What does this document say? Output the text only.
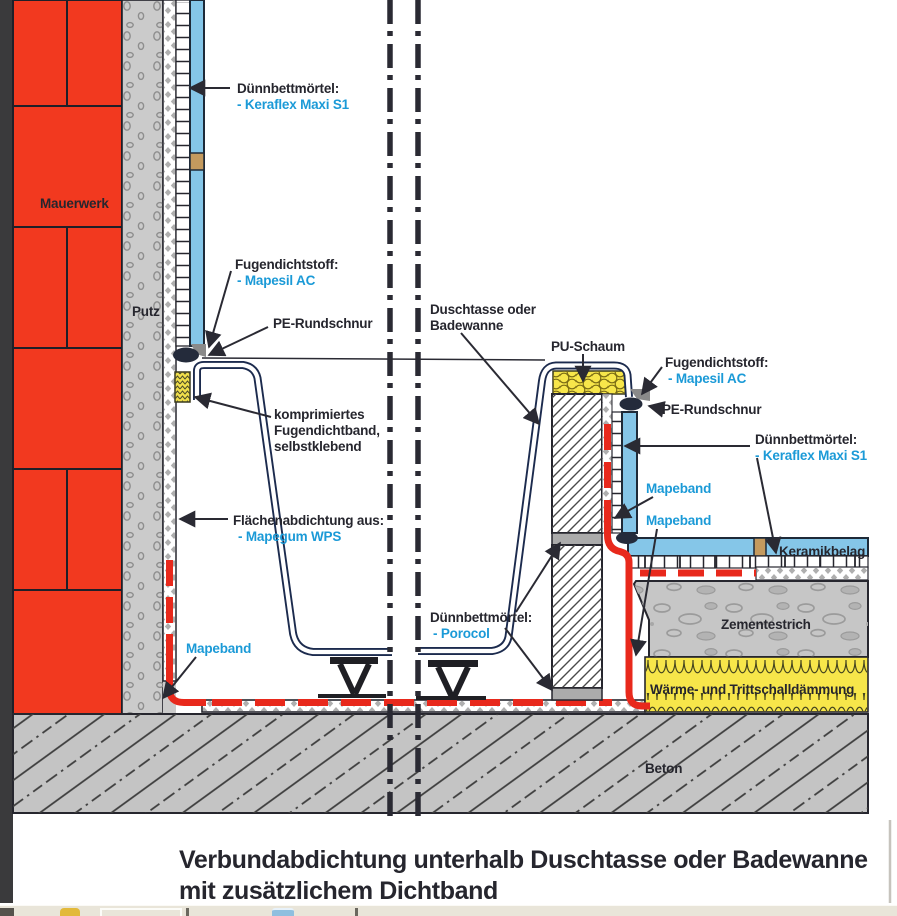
Mauerwerk
Putz
Dünnbettmörtel:
- Keraflex Maxi S1
Fugendichtstoff:
- Mapesil AC
PE-Rundschnur
komprimiertes
Fugendichtband,
selbstklebend
Flächenabdichtung aus:
- Mapegum WPS
Mapeband
Duschtasse oder
Badewanne
PU-Schaum
Fugendichtstoff:
- Mapesil AC
PE-Rundschnur
Dünnbettmörtel:
- Keraflex Maxi S1
Mapeband
Mapeband
Keramikbelag
Zementestrich
Wärme- und Trittschalldämmung
Dünnbettmörtel:
- Porocol
Beton
Verbundabdichtung unterhalb Duschtasse oder Badewanne
mit zusätzlichem Dichtband
